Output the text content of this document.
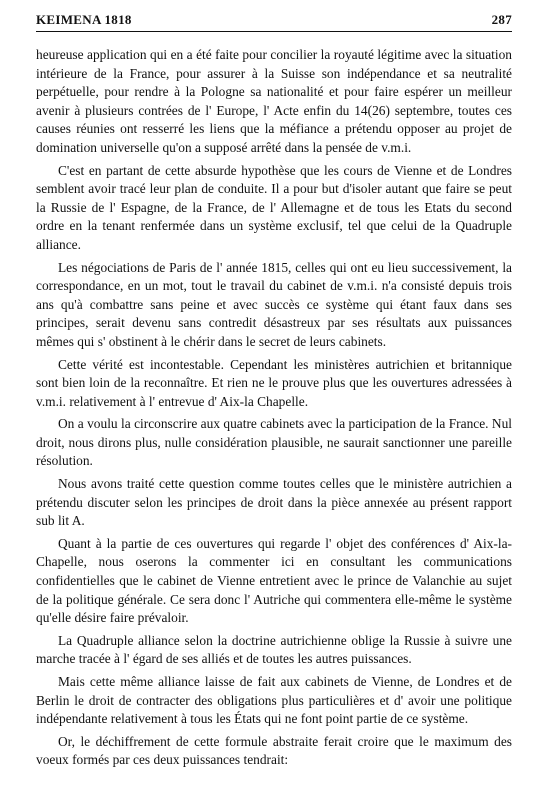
KEIMENA 1818	287

heureuse application qui en a été faite pour concilier la royauté légitime avec la situation intérieure de la France, pour assurer à la Suisse son indépendance et sa neutralité perpétuelle, pour rendre à la Pologne sa nationalité et pour faire espérer un meilleur avenir à plusieurs contrées de l' Europe, l' Acte enfin du 14(26) septembre, toutes ces causes réunies ont resserré les liens que la méfiance a prétendu opposer au projet de domination universelle qu'on a supposé arrêté dans la pensée de v.m.i.

C'est en partant de cette absurde hypothèse que les cours de Vienne et de Londres semblent avoir tracé leur plan de conduite. Il a pour but d'isoler autant que faire se peut la Russie de l' Espagne, de la France, de l' Allemagne et de tous les Etats du second ordre en la tenant renfermée dans un système exclusif, tel que celui de la Quadruple alliance.

Les négociations de Paris de l' année 1815, celles qui ont eu lieu successivement, la correspondance, en un mot, tout le travail du cabinet de v.m.i. n'a consisté depuis trois ans qu'à combattre sans peine et avec succès ce système qui étant faux dans ses principes, serait devenu sans contredit désastreux par ses résultats aux puissances mêmes qui s' obstinent à le chérir dans le secret de leurs cabinets.

Cette vérité est incontestable. Cependant les ministères autrichien et britannique sont bien loin de la reconnaître. Et rien ne le prouve plus que les ouvertures adressées à v.m.i. relativement à l' entrevue d' Aix-la Chapelle.

On a voulu la circonscrire aux quatre cabinets avec la participation de la France. Nul droit, nous dirons plus, nulle considération plausible, ne saurait sanctionner une pareille résolution.

Nous avons traité cette question comme toutes celles que le ministère autrichien a prétendu discuter selon les principes de droit dans la pièce annexée au présent rapport sub lit A.

Quant à la partie de ces ouvertures qui regarde l' objet des conférences d' Aix-la-Chapelle, nous oserons la commenter ici en consultant les communications confidentielles que le cabinet de Vienne entretient avec le prince de Valanchie au sujet de la politique générale. Ce sera donc l' Autriche qui commentera elle-même le système qu'elle désire faire prévaloir.

La Quadruple alliance selon la doctrine autrichienne oblige la Russie à suivre une marche tracée à l' égard de ses alliés et de toutes les autres puissances.

Mais cette même alliance laisse de fait aux cabinets de Vienne, de Londres et de Berlin le droit de contracter des obligations plus particulières et d' avoir une politique indépendante relativement à tous les États qui ne font point partie de ce système.

Or, le déchiffrement de cette formule abstraite ferait croire que le maximum des voeux formés par ces deux puissances tendrait:
